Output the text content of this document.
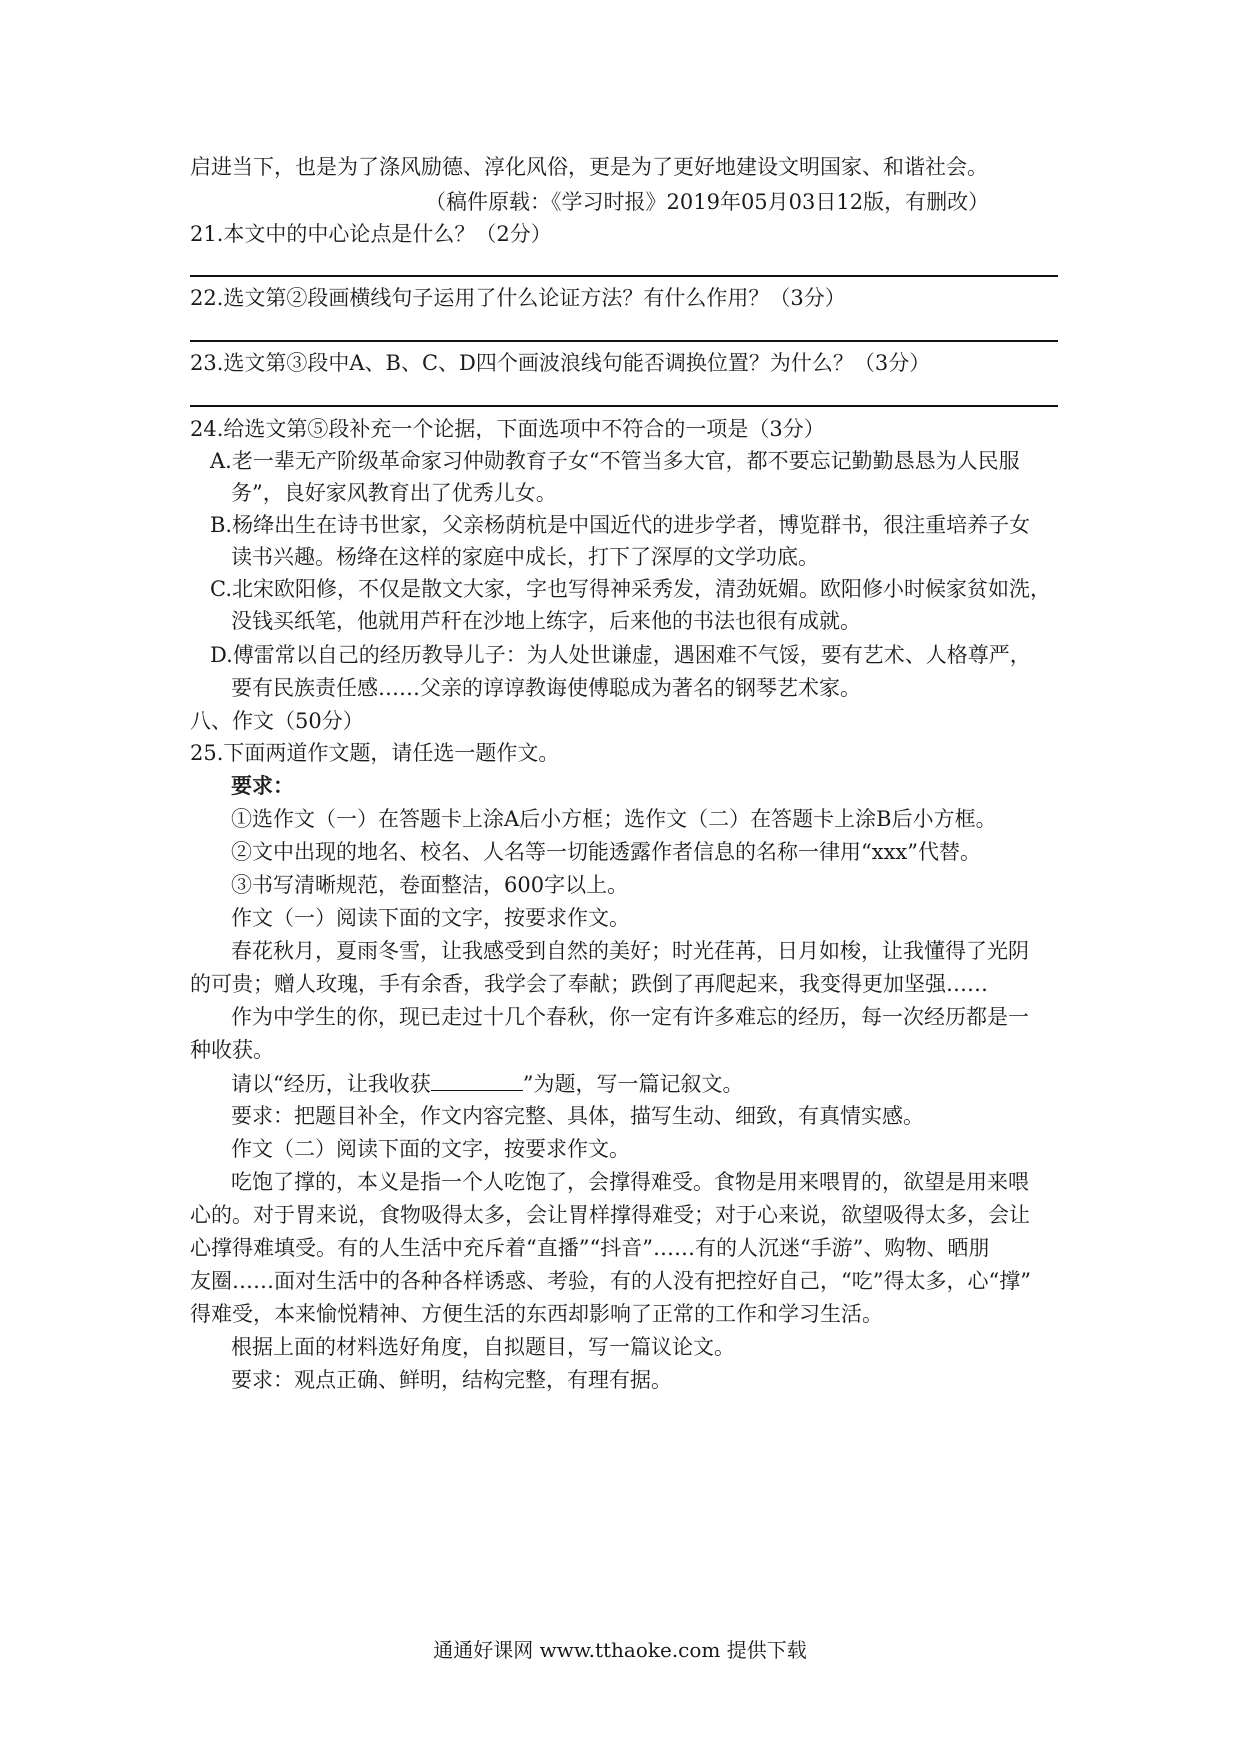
启进当下，也是为了涤风励德、淳化风俗，更是为了更好地建设文明国家、和谐社会。
（稿件原载：《学习时报》2019年05月03日12版，有删改）
21.本文中的中心论点是什么？（2分）
22.选文第②段画横线句子运用了什么论证方法？有什么作用？（3分）
23.选文第③段中A、B、C、D四个画波浪线句能否调换位置？为什么？（3分）
24.给选文第⑤段补充一个论据，下面选项中不符合的一项是（3分）
A.老一辈无产阶级革命家习仲勋教育子女“不管当多大官，都不要忘记勤勤恳恳为人民服
务”，良好家风教育出了优秀儿女。
B.杨绛出生在诗书世家，父亲杨荫杭是中国近代的进步学者，博览群书，很注重培养子女
读书兴趣。杨绛在这样的家庭中成长，打下了深厚的文学功底。
C.北宋欧阳修，不仅是散文大家，字也写得神采秀发，清劲妩媚。欧阳修小时候家贫如洗，
没钱买纸笔，他就用芦秆在沙地上练字，后来他的书法也很有成就。
D.傅雷常以自己的经历教导儿子：为人处世谦虚，遇困难不气馁，要有艺术、人格尊严，
要有民族责任感……父亲的谆谆教诲使傅聪成为著名的钢琴艺术家。
八、作文（50分）
25.下面两道作文题，请任选一题作文。
要求：
①选作文（一）在答题卡上涂A后小方框；选作文（二）在答题卡上涂B后小方框。
②文中出现的地名、校名、人名等一切能透露作者信息的名称一律用“xxx”代替。
③书写清晰规范，卷面整洁，600字以上。
作文（一）阅读下面的文字，按要求作文。
春花秋月，夏雨冬雪，让我感受到自然的美好；时光荏苒，日月如梭，让我懂得了光阴
的可贵；赠人玫瑰，手有余香，我学会了奉献；跌倒了再爬起来，我变得更加坚强……
作为中学生的你，现已走过十几个春秋，你一定有许多难忘的经历，每一次经历都是一
种收获。
请以“经历，让我收获	”为题，写一篇记叙文。
要求：把题目补全，作文内容完整、具体，描写生动、细致，有真情实感。
作文（二）阅读下面的文字，按要求作文。
吃饱了撑的，本义是指一个人吃饱了，会撑得难受。食物是用来喂胃的，欲望是用来喂
心的。对于胃来说，食物吸得太多，会让胃样撑得难受；对于心来说，欲望吸得太多，会让
心撑得难填受。有的人生活中充斥着“直播”“抖音”……有的人沉迷“手游”、购物、晒朋
友圈……面对生活中的各种各样诱惑、考验，有的人没有把控好自己，“吃”得太多，心“撑”
得难受，本来愉悦精神、方便生活的东西却影响了正常的工作和学习生活。
根据上面的材料选好角度，自拟题目，写一篇议论文。
要求：观点正确、鲜明，结构完整，有理有据。
通通好课网 www.tthaoke.com 提供下载
